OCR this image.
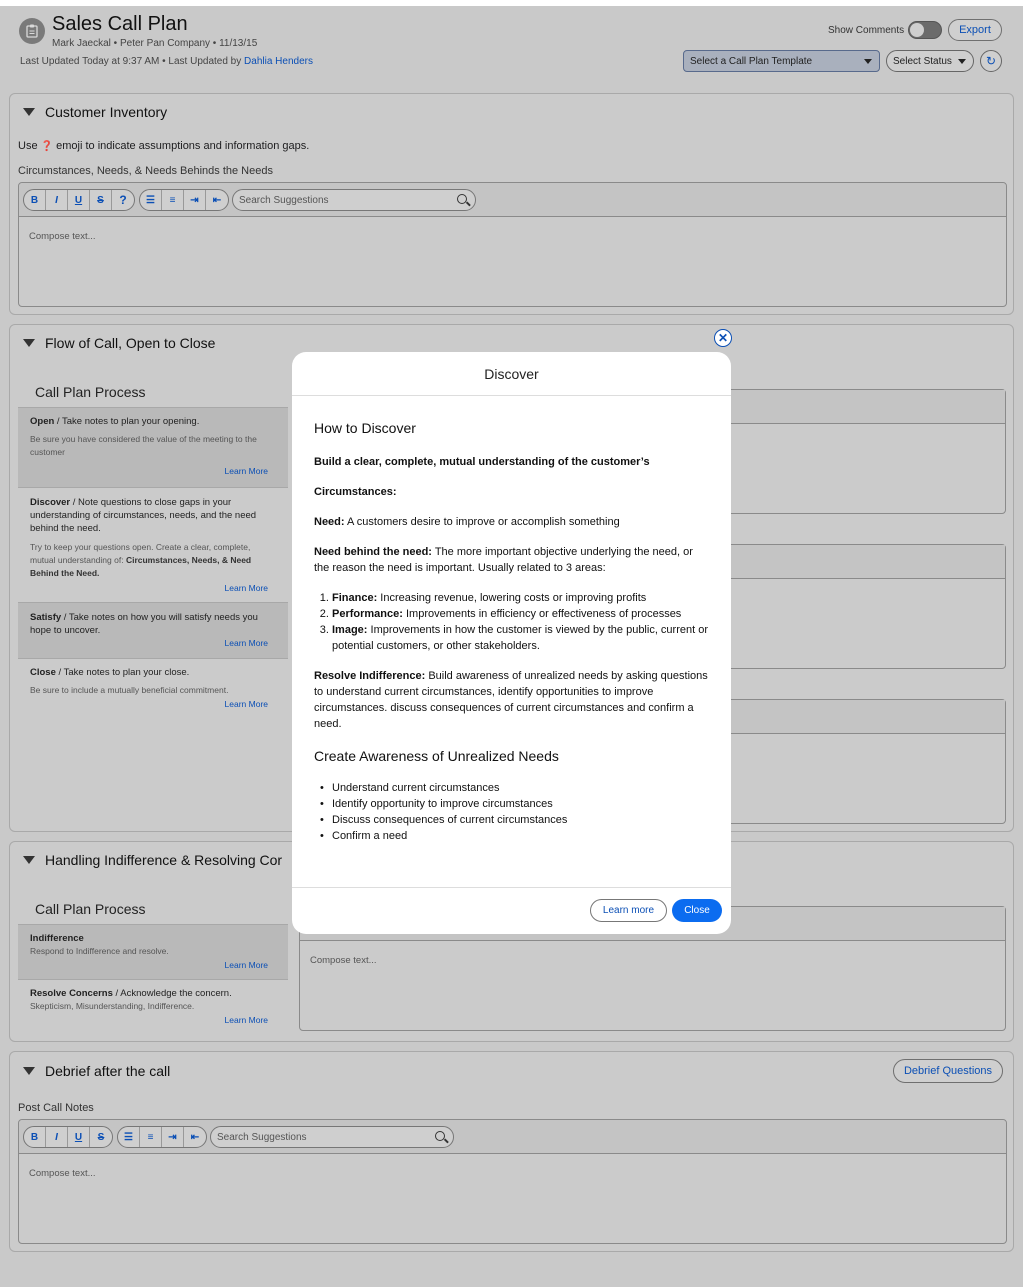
Sales Call Plan
Mark Jaeckal • Peter Pan Company • 11/13/15
Last Updated Today at 9:37 AM • Last Updated by Dahlia Henders
Show Comments	Export
Select a Call Plan Template	Select Status	↻
Customer Inventory
Use ❓ emoji to indicate assumptions and information gaps.
Circumstances, Needs, & Needs Behinds the Needs
B	I	U	S	?	☰	≡	⇥	⇤	Search Suggestions
Compose text...
Flow of Call, Open to Close
Call Plan Process
Open / Take notes to plan your opening.
Be sure you have considered the value of the meeting to the customer
Learn More
Discover / Note questions to close gaps in your understanding of circumstances, needs, and the need behind the need.
Try to keep your questions open. Create a clear, complete, mutual understanding of: Circumstances, Needs, & Need Behind the Need.
Learn More
Satisfy / Take notes on how you will satisfy needs you hope to uncover.
Learn More
Close / Take notes to plan your close.
Be sure to include a mutually beneficial commitment.
Learn More
Handling Indifference & Resolving Cor
Call Plan Process
Indifference
Respond to Indifference and resolve.
Learn More
Resolve Concerns / Acknowledge the concern.
Skepticism, Misunderstanding, Indifference.
Learn More
Compose text...
Debrief after the call
Post Call Notes
B	I	U	S	☰	≡	⇥	⇤	Search Suggestions
Compose text...
Debrief Questions
✕
Discover
How to Discover

Build a clear, complete, mutual understanding of the customer’s

Circumstances:

Need: A customers desire to improve or accomplish something

Need behind the need: The more important objective underlying the need, or the reason the need is important. Usually related to 3 areas:

1. Finance: Increasing revenue, lowering costs or improving profits
2. Performance: Improvements in efficiency or effectiveness of processes
3. Image: Improvements in how the customer is viewed by the public, current or potential customers, or other stakeholders.

Resolve Indifference: Build awareness of unrealized needs by asking questions to understand current circumstances, identify opportunities to improve circumstances. discuss consequences of current circumstances and confirm a need.

Create Awareness of Unrealized Needs
• Understand current circumstances
• Identify opportunity to improve circumstances
• Discuss consequences of current circumstances
• Confirm a need
Learn more	Close
